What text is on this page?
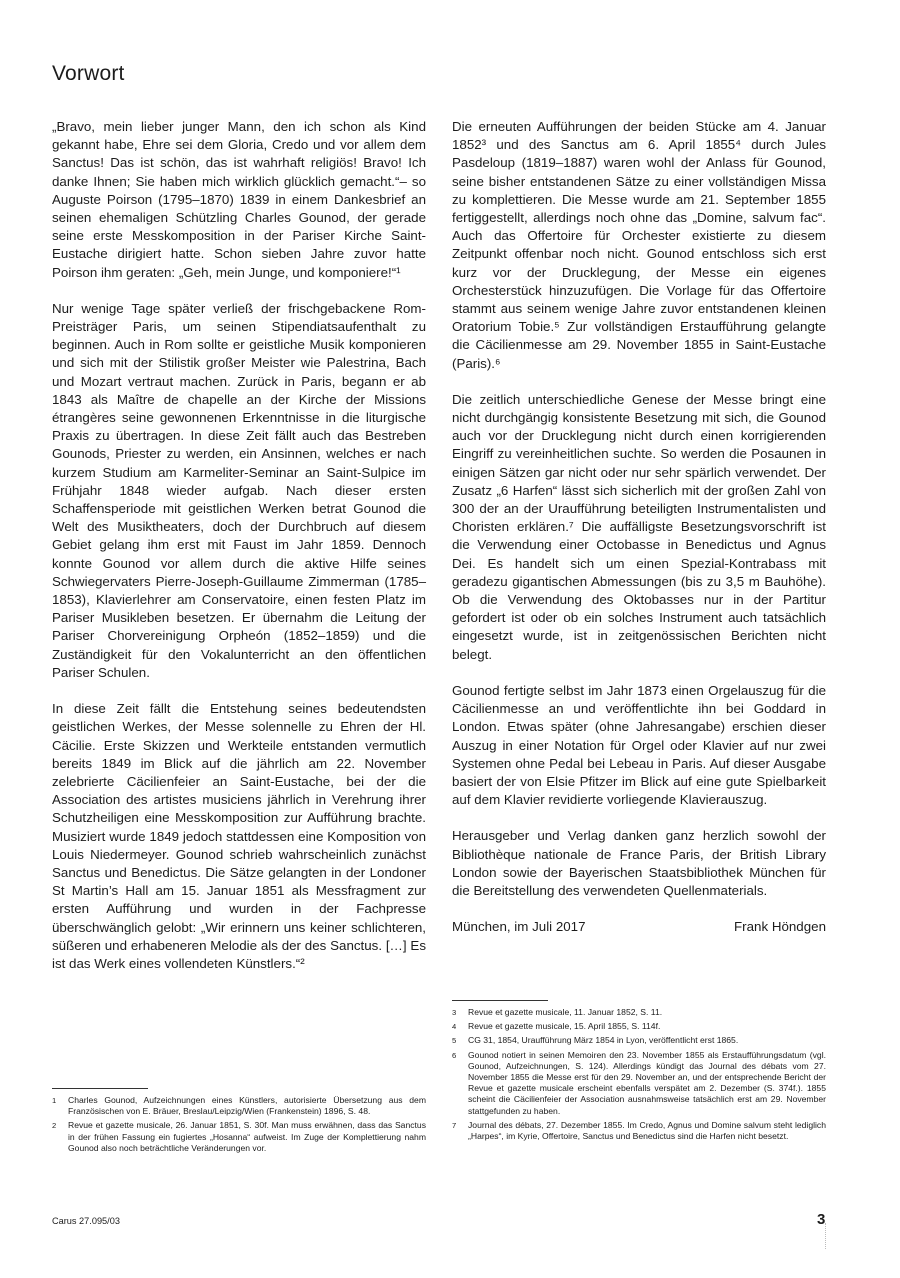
Vorwort

„Bravo, mein lieber junger Mann, den ich schon als Kind gekannt habe, Ehre sei dem Gloria, Credo und vor allem dem Sanctus! Das ist schön, das ist wahrhaft religiös! Bravo! Ich danke Ihnen; Sie haben mich wirklich glücklich gemacht.“– so Auguste Poirson (1795–1870) 1839 in einem Dankesbrief an seinen ehemaligen Schützling Charles Gounod, der gerade seine erste Messkomposition in der Pariser Kirche Saint-Eustache dirigiert hatte. Schon sieben Jahre zuvor hatte Poirson ihm geraten: „Geh, mein Junge, und komponiere!“¹

Nur wenige Tage später verließ der frischgebackene Rom-Preisträger Paris, um seinen Stipendiatsaufenthalt zu beginnen. Auch in Rom sollte er geistliche Musik komponieren und sich mit der Stilistik großer Meister wie Palestrina, Bach und Mozart vertraut machen. Zurück in Paris, begann er ab 1843 als Maître de chapelle an der Kirche der Missions étrangères seine gewonnenen Erkenntnisse in die liturgische Praxis zu übertragen. In diese Zeit fällt auch das Bestreben Gounods, Priester zu werden, ein Ansinnen, welches er nach kurzem Studium am Karmeliter-Seminar an Saint-Sulpice im Frühjahr 1848 wieder aufgab. Nach dieser ersten Schaffensperiode mit geistlichen Werken betrat Gounod die Welt des Musiktheaters, doch der Durchbruch auf diesem Gebiet gelang ihm erst mit Faust im Jahr 1859. Dennoch konnte Gounod vor allem durch die aktive Hilfe seines Schwiegervaters Pierre-Joseph-Guillaume Zimmerman (1785–1853), Klavierlehrer am Conservatoire, einen festen Platz im Pariser Musikleben besetzen. Er übernahm die Leitung der Pariser Chorvereinigung Orpheón (1852–1859) und die Zuständigkeit für den Vokalunterricht an den öffentlichen Pariser Schulen.

In diese Zeit fällt die Entstehung seines bedeutendsten geistlichen Werkes, der Messe solennelle zu Ehren der Hl. Cäcilie. Erste Skizzen und Werkteile entstanden vermutlich bereits 1849 im Blick auf die jährlich am 22. November zelebrierte Cäcilienfeier an Saint-Eustache, bei der die Association des artistes musiciens jährlich in Verehrung ihrer Schutzheiligen eine Messkomposition zur Aufführung brachte. Musiziert wurde 1849 jedoch stattdessen eine Komposition von Louis Niedermeyer. Gounod schrieb wahrscheinlich zunächst Sanctus und Benedictus. Die Sätze gelangten in der Londoner St Martin’s Hall am 15. Januar 1851 als Messfragment zur ersten Aufführung und wurden in der Fachpresse überschwänglich gelobt: „Wir erinnern uns keiner schlichteren, süßeren und erhabeneren Melodie als der des Sanctus. […] Es ist das Werk eines vollendeten Künstlers.“²

Die erneuten Aufführungen der beiden Stücke am 4. Januar 1852³ und des Sanctus am 6. April 1855⁴ durch Jules Pasdeloup (1819–1887) waren wohl der Anlass für Gounod, seine bisher entstandenen Sätze zu einer vollständigen Missa zu komplettieren. Die Messe wurde am 21. September 1855 fertiggestellt, allerdings noch ohne das „Domine, salvum fac“. Auch das Offertoire für Orchester existierte zu diesem Zeitpunkt offenbar noch nicht. Gounod entschloss sich erst kurz vor der Drucklegung, der Messe ein eigenes Orchesterstück hinzuzufügen. Die Vorlage für das Offertoire stammt aus seinem wenige Jahre zuvor entstandenen kleinen Oratorium Tobie.⁵ Zur vollständigen Erstaufführung gelangte die Cäcilienmesse am 29. November 1855 in Saint-Eustache (Paris).⁶

Die zeitlich unterschiedliche Genese der Messe bringt eine nicht durchgängig konsistente Besetzung mit sich, die Gounod auch vor der Drucklegung nicht durch einen korrigierenden Eingriff zu vereinheitlichen suchte. So werden die Posaunen in einigen Sätzen gar nicht oder nur sehr spärlich verwendet. Der Zusatz „6 Harfen“ lässt sich sicherlich mit der großen Zahl von 300 der an der Uraufführung beteiligten Instrumentalisten und Choristen erklären.⁷ Die auffälligste Besetzungsvorschrift ist die Verwendung einer Octobasse in Benedictus und Agnus Dei. Es handelt sich um einen Spezial-Kontrabass mit geradezu gigantischen Abmessungen (bis zu 3,5 m Bauhöhe). Ob die Verwendung des Oktobasses nur in der Partitur gefordert ist oder ob ein solches Instrument auch tatsächlich eingesetzt wurde, ist in zeitgenössischen Berichten nicht belegt.

Gounod fertigte selbst im Jahr 1873 einen Orgelauszug für die Cäcilienmesse an und veröffentlichte ihn bei Goddard in London. Etwas später (ohne Jahresangabe) erschien dieser Auszug in einer Notation für Orgel oder Klavier auf nur zwei Systemen ohne Pedal bei Lebeau in Paris. Auf dieser Ausgabe basiert der von Elsie Pfitzer im Blick auf eine gute Spielbarkeit auf dem Klavier revidierte vorliegende Klavierauszug.

Herausgeber und Verlag danken ganz herzlich sowohl der Bibliothèque nationale de France Paris, der British Library London sowie der Bayerischen Staatsbibliothek München für die Bereitstellung des verwendeten Quellenmaterials.

München, im Juli 2017	Frank Höndgen
1	Charles Gounod, Aufzeichnungen eines Künstlers, autorisierte Übersetzung aus dem Französischen von E. Bräuer, Breslau/Leipzig/Wien (Frankenstein) 1896, S. 48.
2	Revue et gazette musicale, 26. Januar 1851, S. 30f. Man muss erwähnen, dass das Sanctus in der frühen Fassung ein fugiertes „Hosanna“ aufweist. Im Zuge der Komplettierung nahm Gounod also noch beträchtliche Veränderungen vor.
3	Revue et gazette musicale, 11. Januar 1852, S. 11.
4	Revue et gazette musicale, 15. April 1855, S. 114f.
5	CG 31, 1854, Uraufführung März 1854 in Lyon, veröffentlicht erst 1865.
6	Gounod notiert in seinen Memoiren den 23. November 1855 als Erstaufführungsdatum (vgl. Gounod, Aufzeichnungen, S. 124). Allerdings kündigt das Journal des débats vom 27. November 1855 die Messe erst für den 29. November an, und der entsprechende Bericht der Revue et gazette musicale erscheint ebenfalls verspätet am 2. Dezember (S. 374f.). 1855 scheint die Cäcilienfeier der Association ausnahmsweise tatsächlich erst am 29. November stattgefunden zu haben.
7	Journal des débats, 27. Dezember 1855. Im Credo, Agnus und Domine salvum steht lediglich „Harpes“, im Kyrie, Offertoire, Sanctus und Benedictus sind die Harfen nicht besetzt.
Carus 27.095/03	3
